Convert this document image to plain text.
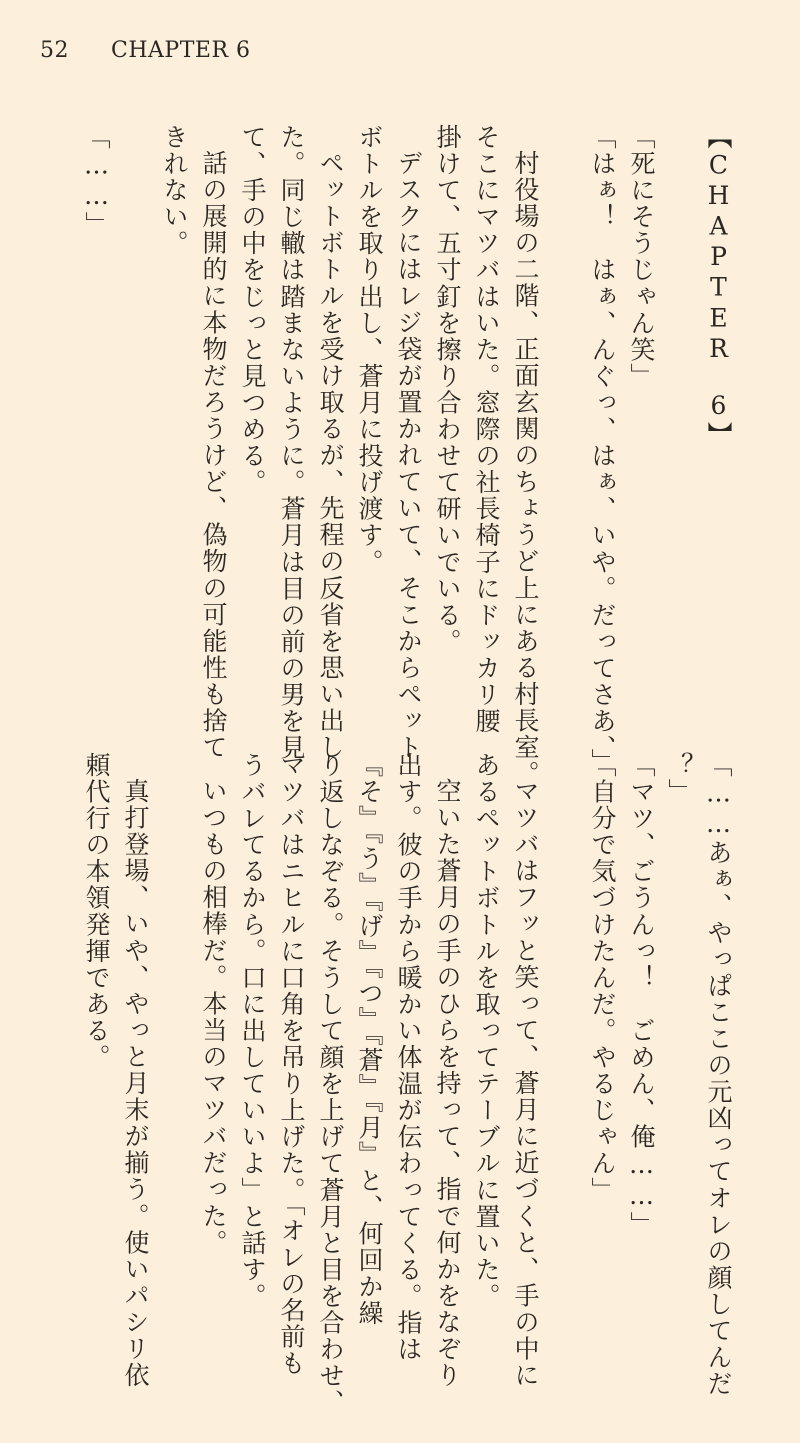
52 CHAPTER 6
【CHAPTER　6】
「死にそうじゃん笑」
「はぁ！　はぁ、んぐっ、はぁ、いや。だってさあ、」
村役場の二階、正面玄関のちょうど上にある村長室。
そこにマツバはいた。窓際の社長椅子にドッカリ腰
掛けて、五寸釘を擦り合わせて研いでいる。
デスクにはレジ袋が置かれていて、そこからペット
ボトルを取り出し、蒼月に投げ渡す。
ペットボトルを受け取るが、先程の反省を思い出し
た。同じ轍は踏まないように。蒼月は目の前の男を見
て、手の中をじっと見つめる。
話の展開的に本物だろうけど、偽物の可能性も捨て
きれない。
「……」
「……あぁ、やっぱここの元凶ってオレの顔してんだ
？」
「マツ、ごうんっ！　ごめん、俺……」
「自分で気づけたんだ。やるじゃん」
マツバはフッと笑って、蒼月に近づくと、手の中に
あるペットボトルを取ってテーブルに置いた。
空いた蒼月の手のひらを持って、指で何かをなぞり
出す。彼の手から暖かい体温が伝わってくる。指は
『そ』『う』『げ』『つ』『蒼』『月』と、何回か繰
り返しなぞる。そうして顔を上げて蒼月と目を合わせ、
マツバはニヒルに口角を吊り上げた。「オレの名前も
うバレてるから。口に出していいよ」と話す。
いつもの相棒だ。本当のマツバだった。
真打登場、いや、やっと月末が揃う。使いパシリ依
頼代行の本領発揮である。
